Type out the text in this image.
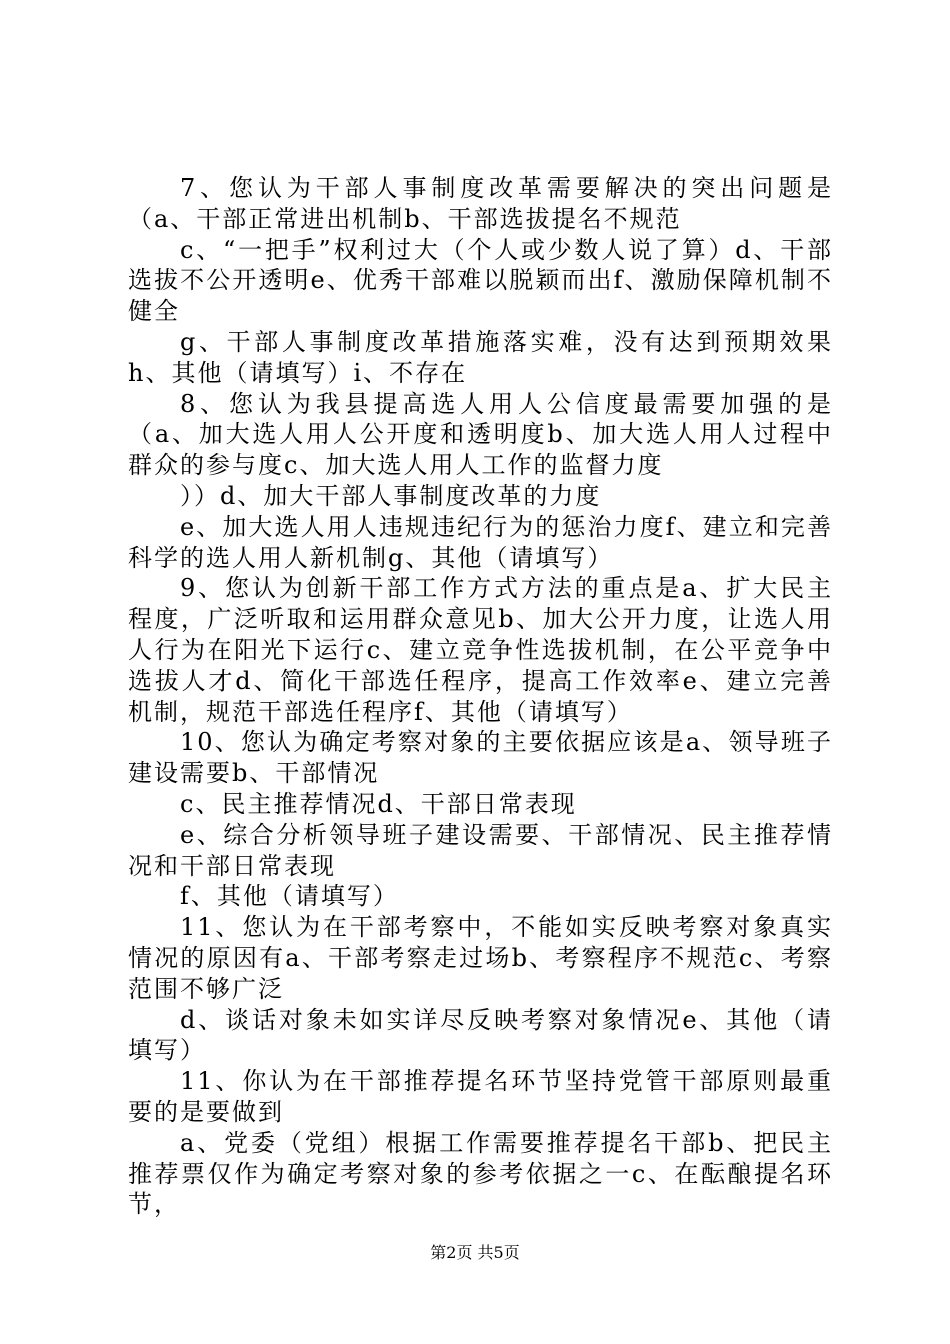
7、您认为干部人事制度改革需要解决的突出问题是（a、干部正常进出机制b、干部选拔提名不规范

c、“一把手”权利过大（个人或少数人说了算）d、干部选拔不公开透明e、优秀干部难以脱颖而出f、激励保障机制不健全

g、干部人事制度改革措施落实难，没有达到预期效果h、其他（请填写）i、不存在

8、您认为我县提高选人用人公信度最需要加强的是（a、加大选人用人公开度和透明度b、加大选人用人过程中群众的参与度c、加大选人用人工作的监督力度

））d、加大干部人事制度改革的力度

e、加大选人用人违规违纪行为的惩治力度f、建立和完善科学的选人用人新机制g、其他（请填写）

9、您认为创新干部工作方式方法的重点是a、扩大民主程度，广泛听取和运用群众意见b、加大公开力度，让选人用人行为在阳光下运行c、建立竞争性选拔机制，在公平竞争中选拔人才d、简化干部选任程序，提高工作效率e、建立完善机制，规范干部选任程序f、其他（请填写）

10、您认为确定考察对象的主要依据应该是a、领导班子建设需要b、干部情况

c、民主推荐情况d、干部日常表现

e、综合分析领导班子建设需要、干部情况、民主推荐情况和干部日常表现

f、其他（请填写）

11、您认为在干部考察中，不能如实反映考察对象真实情况的原因有a、干部考察走过场b、考察程序不规范c、考察范围不够广泛

d、谈话对象未如实详尽反映考察对象情况e、其他（请填写）

11、你认为在干部推荐提名环节坚持党管干部原则最重要的是要做到

a、党委（党组）根据工作需要推荐提名干部b、把民主推荐票仅作为确定考察对象的参考依据之一c、在酝酿提名环节，

第2页 共5页
